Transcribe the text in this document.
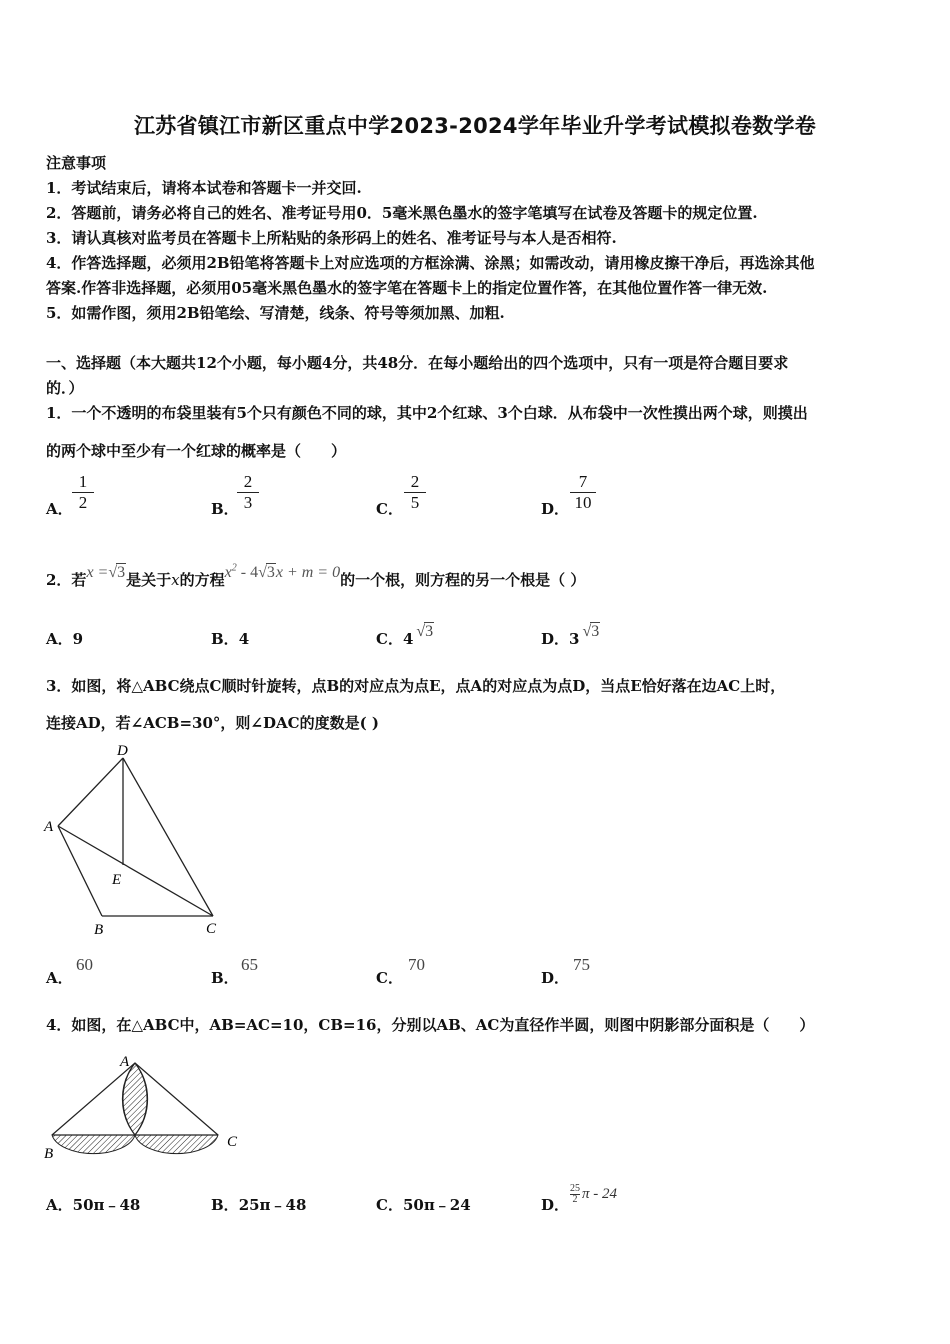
江苏省镇江市新区重点中学2023-2024学年毕业升学考试模拟卷数学卷
注意事项
1．考试结束后，请将本试卷和答题卡一并交回.
2．答题前，请务必将自己的姓名、准考证号用0．5毫米黑色墨水的签字笔填写在试卷及答题卡的规定位置.
3．请认真核对监考员在答题卡上所粘贴的条形码上的姓名、准考证号与本人是否相符.
4．作答选择题，必须用2B铅笔将答题卡上对应选项的方框涂满、涂黑；如需改动，请用橡皮擦干净后，再选涂其他
答案.作答非选择题，必须用05毫米黑色墨水的签字笔在答题卡上的指定位置作答，在其他位置作答一律无效.
5．如需作图，须用2B铅笔绘、写清楚，线条、符号等须加黑、加粗.
一、选择题（本大题共12个小题，每小题4分，共48分．在每小题给出的四个选项中，只有一项是符合题目要求
的．）
1．一个不透明的布袋里装有5个只有颜色不同的球，其中2个红球、3个白球．从布袋中一次性摸出两个球，则摸出
的两个球中至少有一个红球的概率是（　　）
A．
1
2	B．
2
3	C．
2
5	D．
7
10
2．若x =√3是关于x的方程$x^2 - 4√3x + m = 0$的一个根，则方程的另一个根是（ ）
A．9	B．4	C．4 √3	D．3 √3
3．如图，将△ABC绕点C顺时针旋转，点B的对应点为点E，点A的对应点为点D，当点E恰好落在边AC上时，
连接AD，若∠ACB=30°，则∠DAC的度数是( )
D
A
E
B	C
A．
60
B．
65
C．
70
D．
75
4．如图，在△ABC中，AB=AC=10，CB=16，分别以AB、AC为直径作半圆，则图中阴影部分面积是（　　）
A
B
C
A．50π﹣48	B．25π﹣48	C．50π﹣24	D． $\frac{25}{2}$ π - 24
